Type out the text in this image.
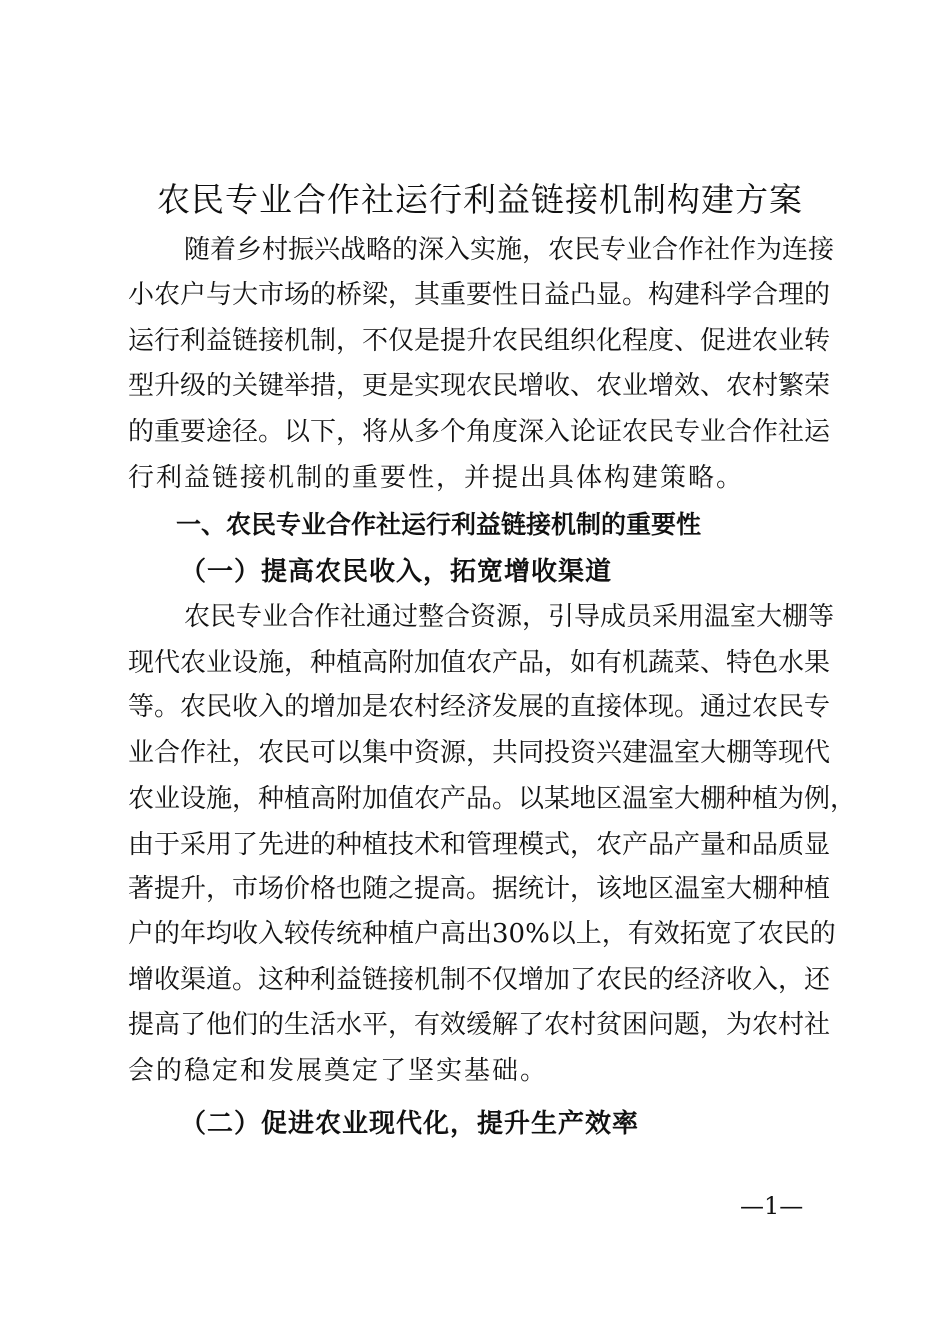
农民专业合作社运行利益链接机制构建方案
随着乡村振兴战略的深入实施，农民专业合作社作为连接
小农户与大市场的桥梁，其重要性日益凸显。构建科学合理的
运行利益链接机制，不仅是提升农民组织化程度、促进农业转
型升级的关键举措，更是实现农民增收、农业增效、农村繁荣
的重要途径。以下，将从多个角度深入论证农民专业合作社运
行利益链接机制的重要性，并提出具体构建策略。
一、农民专业合作社运行利益链接机制的重要性
（一）提高农民收入，拓宽增收渠道
农民专业合作社通过整合资源，引导成员采用温室大棚等
现代农业设施，种植高附加值农产品，如有机蔬菜、特色水果
等。农民收入的增加是农村经济发展的直接体现。通过农民专
业合作社，农民可以集中资源，共同投资兴建温室大棚等现代
农业设施，种植高附加值农产品。以某地区温室大棚种植为例，
由于采用了先进的种植技术和管理模式，农产品产量和品质显
著提升，市场价格也随之提高。据统计，该地区温室大棚种植
户的年均收入较传统种植户高出30%以上，有效拓宽了农民的
增收渠道。这种利益链接机制不仅增加了农民的经济收入，还
提高了他们的生活水平，有效缓解了农村贫困问题，为农村社
会的稳定和发展奠定了坚实基础。
（二）促进农业现代化，提升生产效率
—1—
